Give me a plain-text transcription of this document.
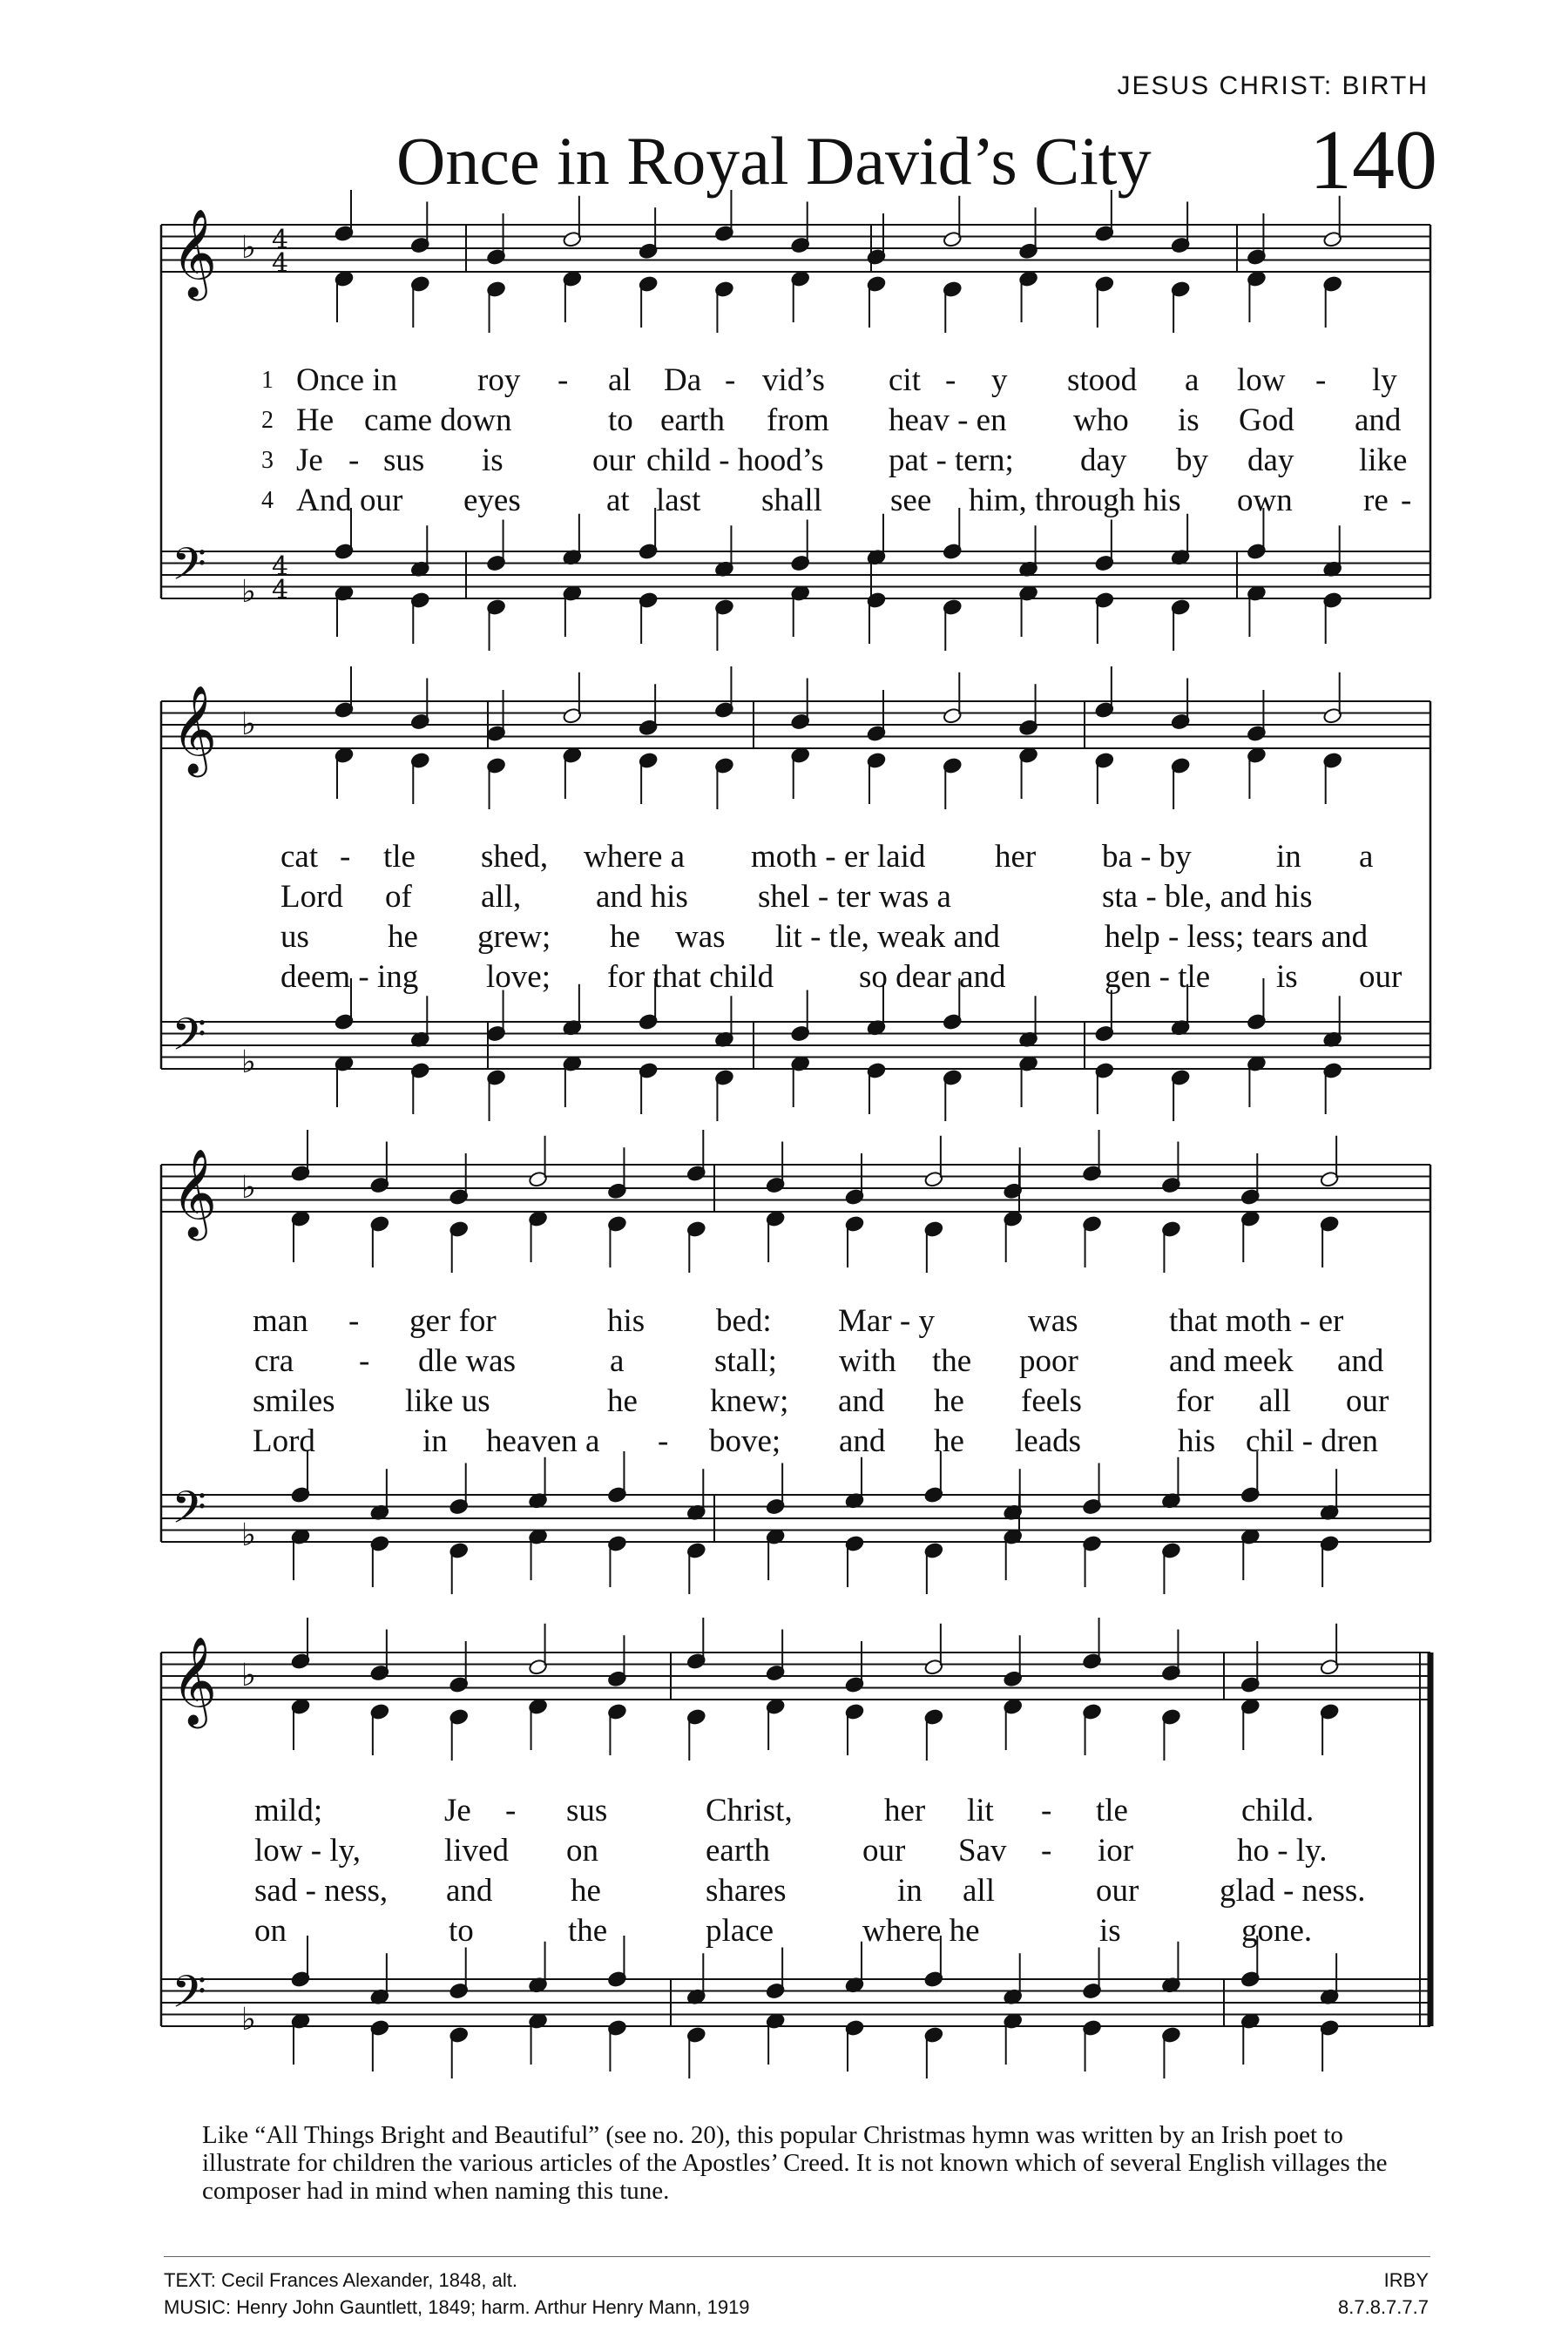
JESUS CHRIST: BIRTH
Once in Royal David’s City 140
𝄞
𝄢
♭
♭
4
4
4
4
𝄞
𝄢
♭
♭
𝄞
𝄢
♭
♭
𝄞
𝄢
♭
♭
1 Once in roy - al Da - vid’s cit - y stood a low - ly
2 He came down	to earth from heav - en who is God and
3 Je - sus is	our child - hood’s pat - tern; day by day like
4 And our eyes	at last shall see him, through his own re -
cat - tle shed, where a moth - er laid her ba - by	in a
Lord of all, and his shel - ter was a	sta - ble, and his
us he grew; he was lit - tle, weak and	help - less; tears and
deem - ing love; for that child	so dear and	gen - tle is our
man - ger for	his bed: Mar - y	was	that moth - er
cra - dle was	a	stall; with the poor	and meek and
smiles like us	he knew; and he feels	for all our
Lord	in heaven a - bove; and he leads	his chil - dren
mild;	Je - sus	Christ,	her lit - tle	child.
low - ly,	lived on	earth	our Sav - ior	ho - ly.
sad - ness, and he	shares	in all	our	glad - ness.
on	to	the	place	where he	is	gone.
Like “All Things Bright and Beautiful” (see no. 20), this popular Christmas hymn was written by an Irish poet to illustrate for children the various articles of the Apostles’ Creed. It is not known which of several English villages the composer had in mind when naming this tune.
TEXT: Cecil Frances Alexander, 1848, alt.
MUSIC: Henry John Gauntlett, 1849; harm. Arthur Henry Mann, 1919
IRBY
8.7.8.7.7.7
